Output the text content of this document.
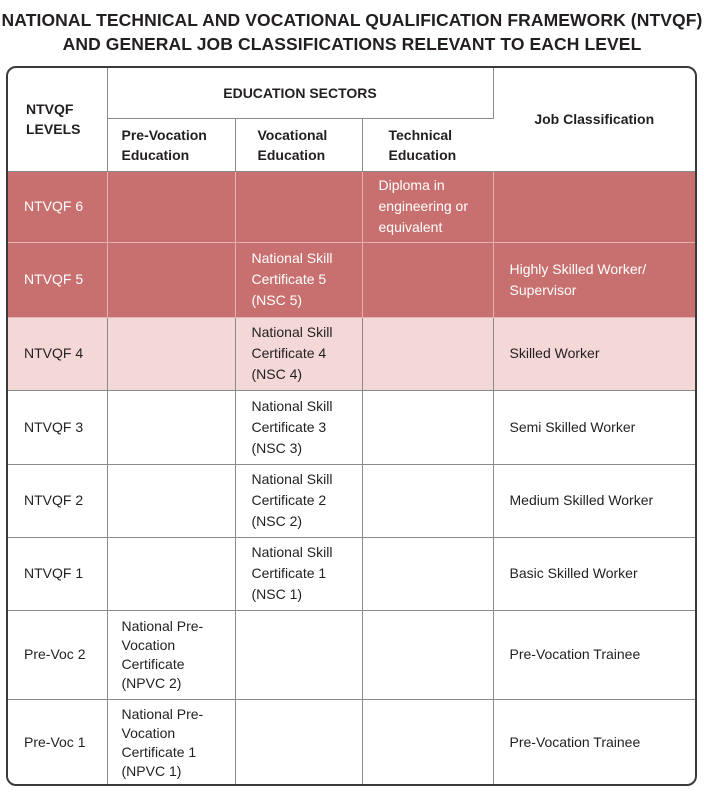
NATIONAL TECHNICAL AND VOCATIONAL QUALIFICATION FRAMEWORK (NTVQF)
AND GENERAL JOB CLASSIFICATIONS RELEVANT TO EACH LEVEL
NTVQF LEVELS	EDUCATION SECTORS			Job Classification
	Pre-Vocation Education	Vocational Education	Technical Education	
NTVQF 6			Diploma in engineering or equivalent	
NTVQF 5		National Skill Certificate 5 (NSC 5)		Highly Skilled Worker/ Supervisor
NTVQF 4		National Skill Certificate 4 (NSC 4)		Skilled Worker
NTVQF 3		National Skill Certificate 3 (NSC 3)		Semi Skilled Worker
NTVQF 2		National Skill Certificate 2 (NSC 2)		Medium Skilled Worker
NTVQF 1		National Skill Certificate 1 (NSC 1)		Basic Skilled Worker
Pre-Voc 2	National Pre-Vocation Certificate (NPVC 2)			Pre-Vocation Trainee
Pre-Voc 1	National Pre-Vocation Certificate 1 (NPVC 1)			Pre-Vocation Trainee
